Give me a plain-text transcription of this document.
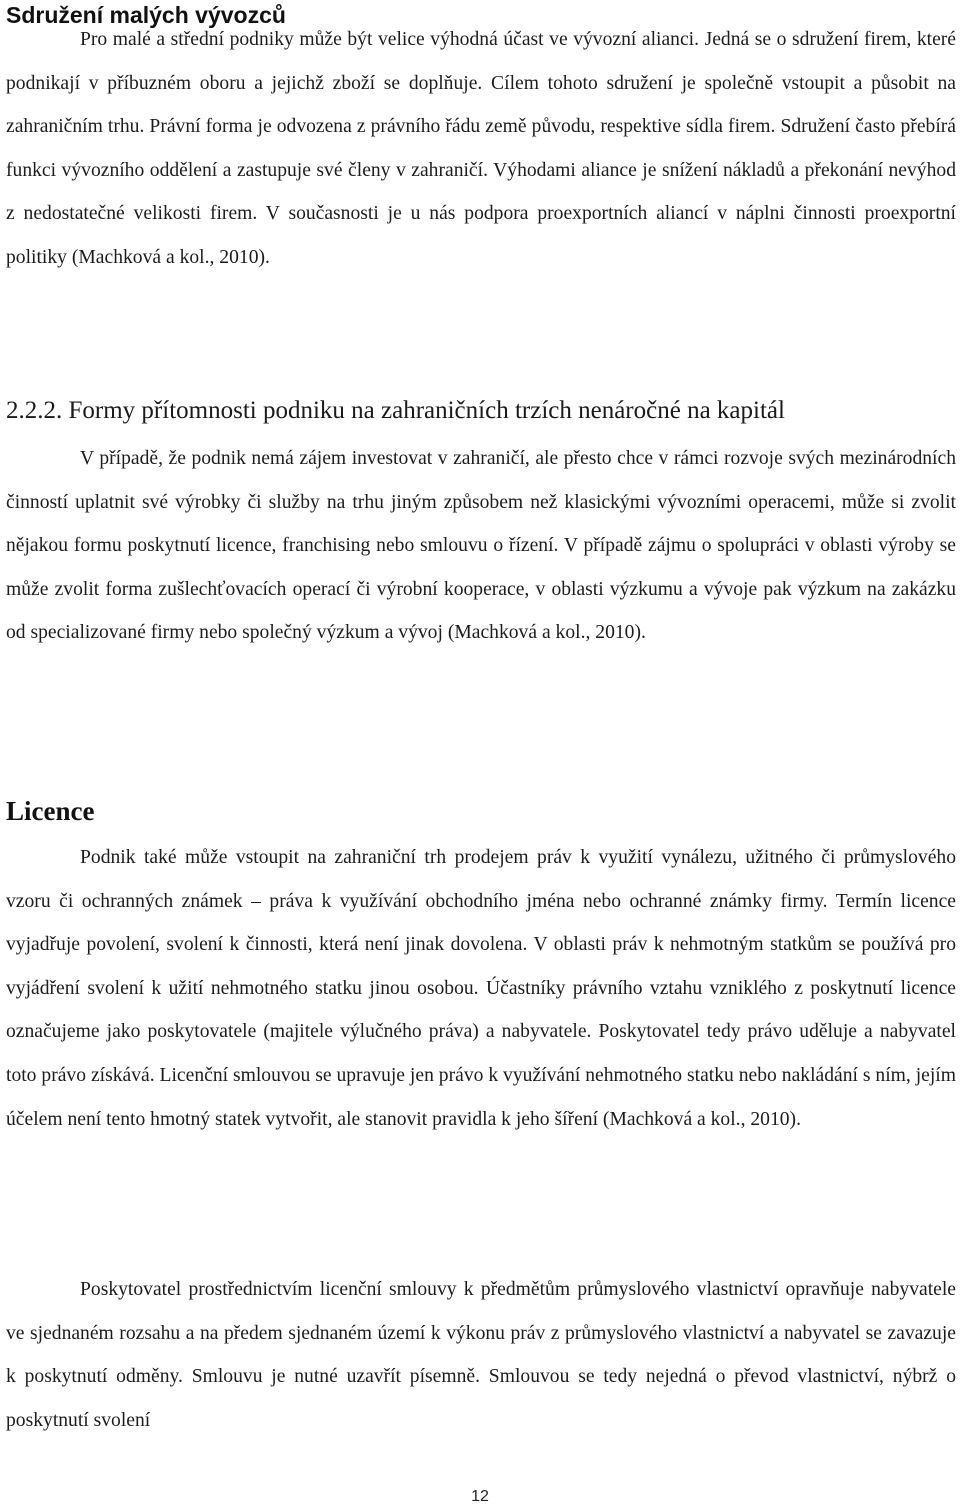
Sdružení malých vývozců

Pro malé a střední podniky může být velice výhodná účast ve vývozní alianci. Jedná se o sdružení firem, které podnikají v příbuzném oboru a jejichž zboží se doplňuje. Cílem tohoto sdružení je společně vstoupit a působit na zahraničním trhu. Právní forma je odvozena z právního řádu země původu, respektive sídla firem. Sdružení často přebírá funkci vývozního oddělení a zastupuje své členy v zahraničí. Výhodami aliance je snížení nákladů a překonání nevýhod z nedostatečné velikosti firem. V současnosti je u nás podpora proexportních aliancí v náplni činnosti proexportní politiky (Machková a kol., 2010).

2.2.2. Formy přítomnosti podniku na zahraničních trzích nenáročné na kapitál

V případě, že podnik nemá zájem investovat v zahraničí, ale přesto chce v rámci rozvoje svých mezinárodních činností uplatnit své výrobky či služby na trhu jiným způsobem než klasickými vývozními operacemi, může si zvolit nějakou formu poskytnutí licence, franchising nebo smlouvu o řízení. V případě zájmu o spolupráci v oblasti výroby se může zvolit forma zušlechťovacích operací či výrobní kooperace, v oblasti výzkumu a vývoje pak výzkum na zakázku od specializované firmy nebo společný výzkum a vývoj (Machková a kol., 2010).

Licence

Podnik také může vstoupit na zahraniční trh prodejem práv k využití vynálezu, užitného či průmyslového vzoru či ochranných známek – práva k využívání obchodního jména nebo ochranné známky firmy. Termín licence vyjadřuje povolení, svolení k činnosti, která není jinak dovolena. V oblasti práv k nehmotným statkům se používá pro vyjádření svolení k užití nehmotného statku jinou osobou. Účastníky právního vztahu vzniklého z poskytnutí licence označujeme jako poskytovatele (majitele výlučného práva) a nabyvatele. Poskytovatel tedy právo uděluje a nabyvatel toto právo získává. Licenční smlouvou se upravuje jen právo k využívání nehmotného statku nebo nakládání s ním, jejím účelem není tento hmotný statek vytvořit, ale stanovit pravidla k jeho šíření (Machková a kol., 2010).

Poskytovatel prostřednictvím licenční smlouvy k předmětům průmyslového vlastnictví opravňuje nabyvatele ve sjednaném rozsahu a na předem sjednaném území k výkonu práv z průmyslového vlastnictví a nabyvatel se zavazuje k poskytnutí odměny. Smlouvu je nutné uzavřít písemně. Smlouvou se tedy nejedná o převod vlastnictví, nýbrž o poskytnutí svolení

12
